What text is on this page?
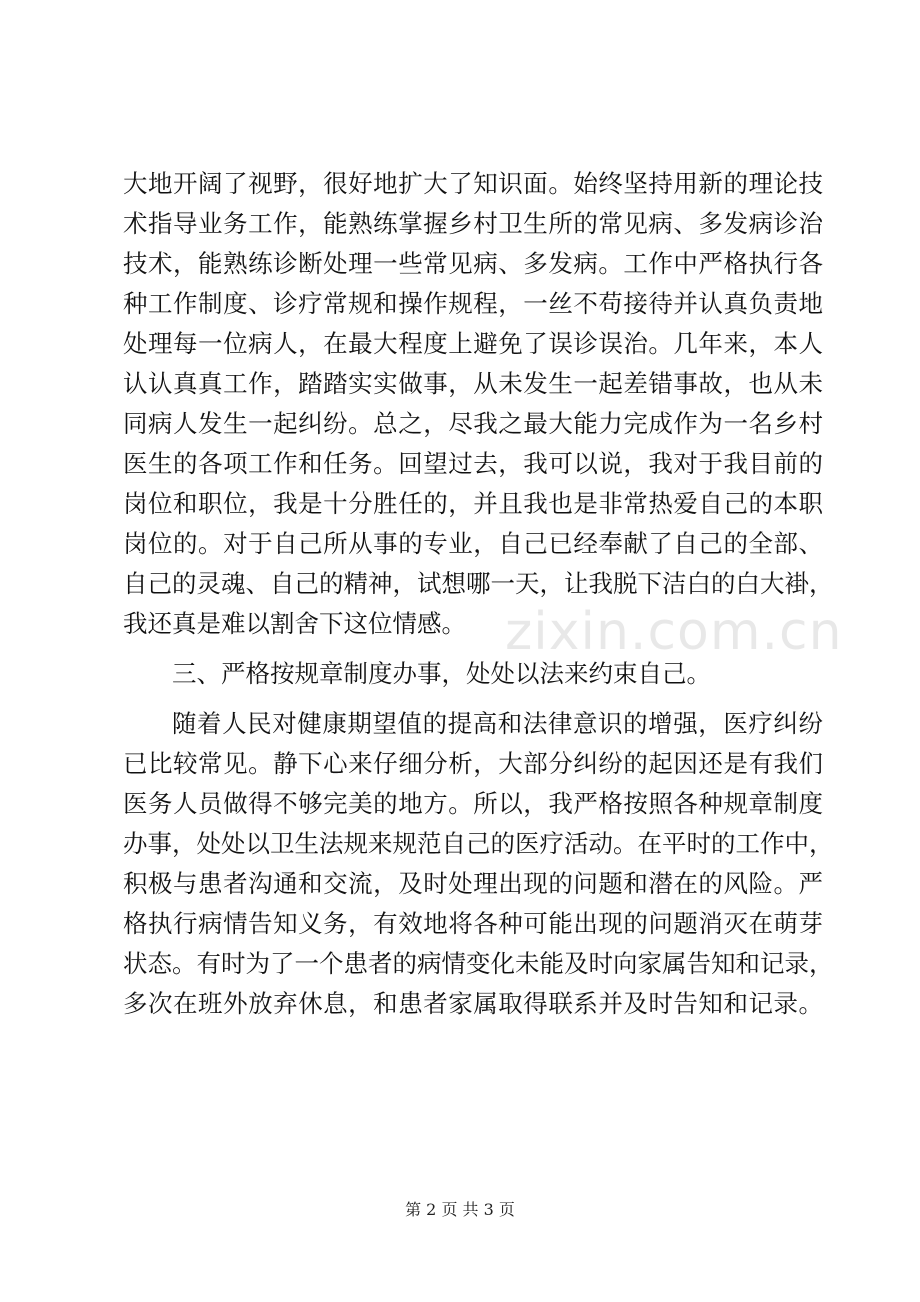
大地开阔了视野，很好地扩大了知识面。始终坚持用新的理论技

术指导业务工作，能熟练掌握乡村卫生所的常见病、多发病诊治

技术，能熟练诊断处理一些常见病、多发病。工作中严格执行各

种工作制度、诊疗常规和操作规程，一丝不苟接待并认真负责地

处理每一位病人，在最大程度上避免了误诊误治。几年来，本人

认认真真工作，踏踏实实做事，从未发生一起差错事故，也从未

同病人发生一起纠纷。总之，尽我之最大能力完成作为一名乡村

医生的各项工作和任务。回望过去，我可以说，我对于我目前的

岗位和职位，我是十分胜任的，并且我也是非常热爱自己的本职

岗位的。对于自己所从事的专业，自己已经奉献了自己的全部、

自己的灵魂、自己的精神，试想哪一天，让我脱下洁白的白大褂，

我还真是难以割舍下这位情感。

三、严格按规章制度办事，处处以法来约束自己。

随着人民对健康期望值的提高和法律意识的增强，医疗纠纷

已比较常见。静下心来仔细分析，大部分纠纷的起因还是有我们

医务人员做得不够完美的地方。所以，我严格按照各种规章制度

办事，处处以卫生法规来规范自己的医疗活动。在平时的工作中，

积极与患者沟通和交流，及时处理出现的问题和潜在的风险。严

格执行病情告知义务，有效地将各种可能出现的问题消灭在萌芽

状态。有时为了一个患者的病情变化未能及时向家属告知和记录，

多次在班外放弃休息，和患者家属取得联系并及时告知和记录。

zixin.com.cn
第 2 页 共 3 页
